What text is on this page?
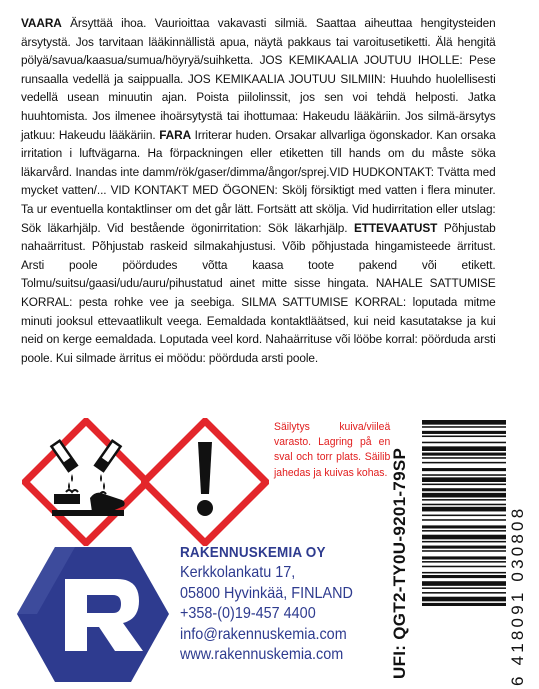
VAARA Ärsyttää ihoa. Vaurioittaa vakavasti silmiä. Saattaa aiheuttaa hengitysteiden ärsytystä. Jos tarvitaan lääkinnällistä apua, näytä pakkaus tai varoitusetiketti. Älä hengitä pölyä/savua/kaasua/sumua/höyryä/suihketta. JOS KEMIKAALIA JOUTUU IHOLLE: Pese runsaalla vedellä ja saippualla. JOS KEMIKAALIA JOUTUU SILMIIN: Huuhdo huolellisesti vedellä usean minuutin ajan. Poista piilolinssit, jos sen voi tehdä helposti. Jatka huuhtomista. Jos ilmenee ihoärsytystä tai ihottumaa: Hakeudu lääkäriin. Jos silmä-ärsytys jatkuu: Hakeudu lääkäriin. FARA Irriterar huden. Orsakar allvarliga ögonskador. Kan orsaka irritation i luftvägarna. Ha förpackningen eller etiketten till hands om du måste söka läkarvård. Inandas inte damm/rök/gaser/dimma/ångor/sprej.VID HUDKONTAKT: Tvätta med mycket vatten/... VID KONTAKT MED ÖGONEN: Skölj försiktigt med vatten i flera minuter. Ta ur eventuella kontaktlinser om det går lätt. Fortsätt att skölja. Vid hudirritation eller utslag: Sök läkarhjälp. Vid bestående ögonirritation: Sök läkarhjälp. ETTEVAATUST Põhjustab nahaärritust. Põhjustab raskeid silmakahjustusi. Võib põhjustada hingamisteede ärritust. Arsti poole pöördudes võtta kaasa toote pakend või etikett. Tolmu/suitsu/gaasi/udu/auru/pihustatud ainet mitte sisse hingata. NAHALE SATTUMISE KORRAL: pesta rohke vee ja seebiga. SILMA SATTUMISE KORRAL: loputada mitme minuti jooksul ettevaatlikult veega. Eemaldada kontaktläätsed, kui neid kasutatakse ja kui neid on kerge eemaldada. Loputada veel kord. Nahaärrituse või lööbe korral: pöörduda arsti poole. Kui silmade ärritus ei möödu: pöörduda arsti poole.
Säilytys kuiva/viileä varasto. Lagring på en sval och torr plats. Säilib jahedas ja kuivas kohas.
RAKENNUSKEMIA OY
Kerkkolankatu 17,
05800 Hyvinkää, FINLAND
+358-(0)19-457 4400
info@rakennuskemia.com
www.rakennuskemia.com	UFI: QGT2-TY0U-9201-79SP	6 418091 030808
